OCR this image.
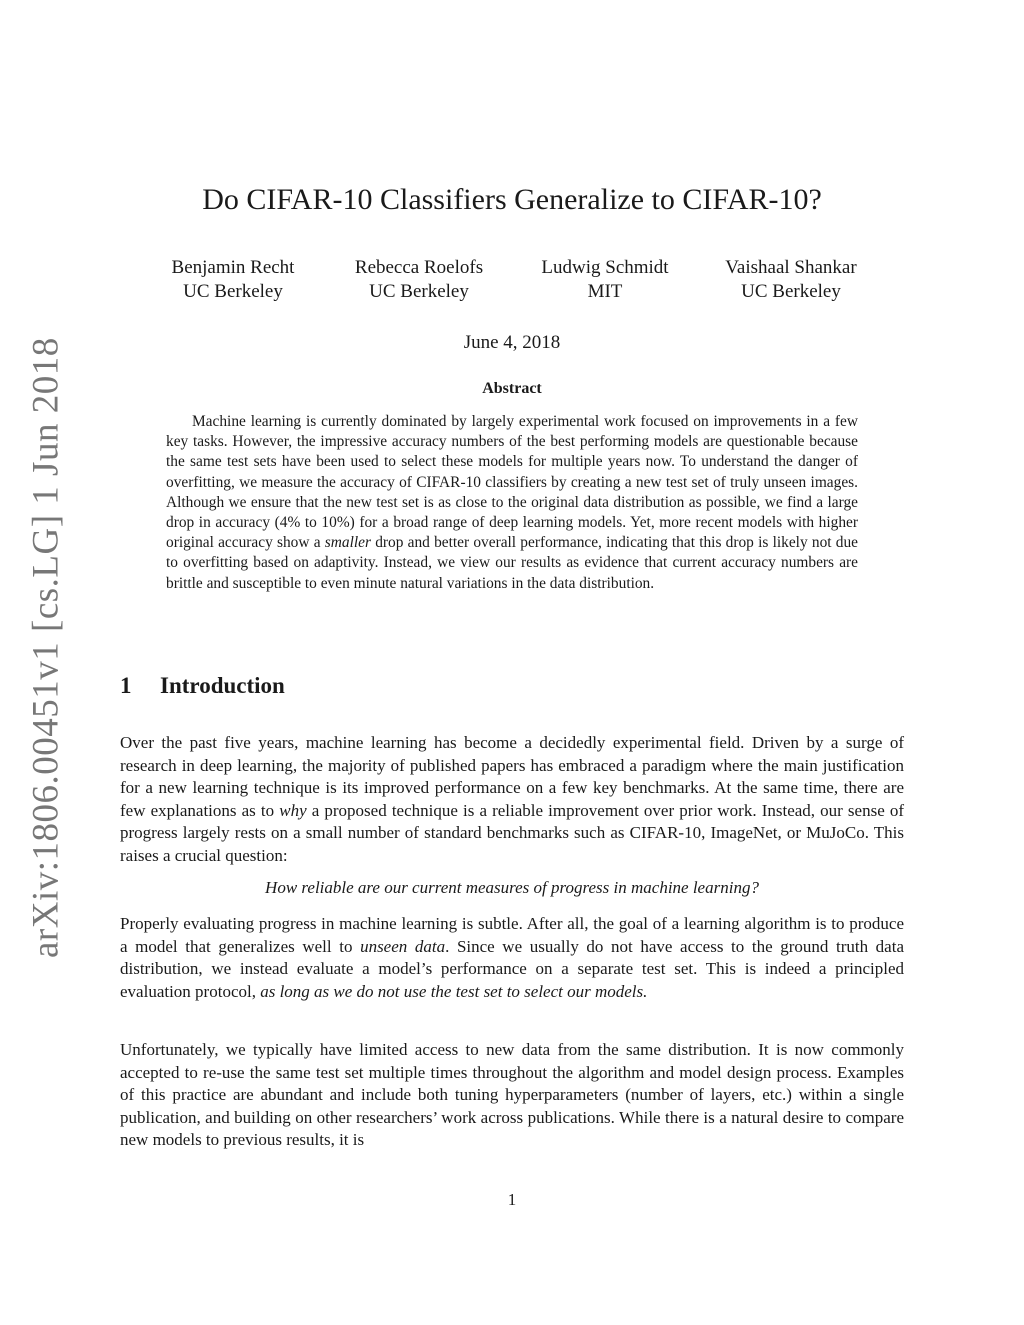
arXiv:1806.00451v1 [cs.LG] 1 Jun 2018
Do CIFAR-10 Classifiers Generalize to CIFAR-10?
Benjamin Recht
UC Berkeley
Rebecca Roelofs
UC Berkeley
Ludwig Schmidt
MIT
Vaishaal Shankar
UC Berkeley
June 4, 2018
Abstract

Machine learning is currently dominated by largely experimental work focused on improvements in a few key tasks. However, the impressive accuracy numbers of the best performing models are questionable because the same test sets have been used to select these models for multiple years now. To understand the danger of overfitting, we measure the accuracy of CIFAR-10 classifiers by creating a new test set of truly unseen images. Although we ensure that the new test set is as close to the original data distribution as possible, we find a large drop in accuracy (4% to 10%) for a broad range of deep learning models. Yet, more recent models with higher original accuracy show a smaller drop and better overall performance, indicating that this drop is likely not due to overfitting based on adaptivity. Instead, we view our results as evidence that current accuracy numbers are brittle and susceptible to even minute natural variations in the data distribution.

1 Introduction

Over the past five years, machine learning has become a decidedly experimental field. Driven by a surge of research in deep learning, the majority of published papers has embraced a paradigm where the main justification for a new learning technique is its improved performance on a few key benchmarks. At the same time, there are few explanations as to why a proposed technique is a reliable improvement over prior work. Instead, our sense of progress largely rests on a small number of standard benchmarks such as CIFAR-10, ImageNet, or MuJoCo. This raises a crucial question:

How reliable are our current measures of progress in machine learning?

Properly evaluating progress in machine learning is subtle. After all, the goal of a learning algorithm is to produce a model that generalizes well to unseen data. Since we usually do not have access to the ground truth data distribution, we instead evaluate a model’s performance on a separate test set. This is indeed a principled evaluation protocol, as long as we do not use the test set to select our models.

Unfortunately, we typically have limited access to new data from the same distribution. It is now commonly accepted to re-use the same test set multiple times throughout the algorithm and model design process. Examples of this practice are abundant and include both tuning hyperparameters (number of layers, etc.) within a single publication, and building on other researchers’ work across publications. While there is a natural desire to compare new models to previous results, it is

1
